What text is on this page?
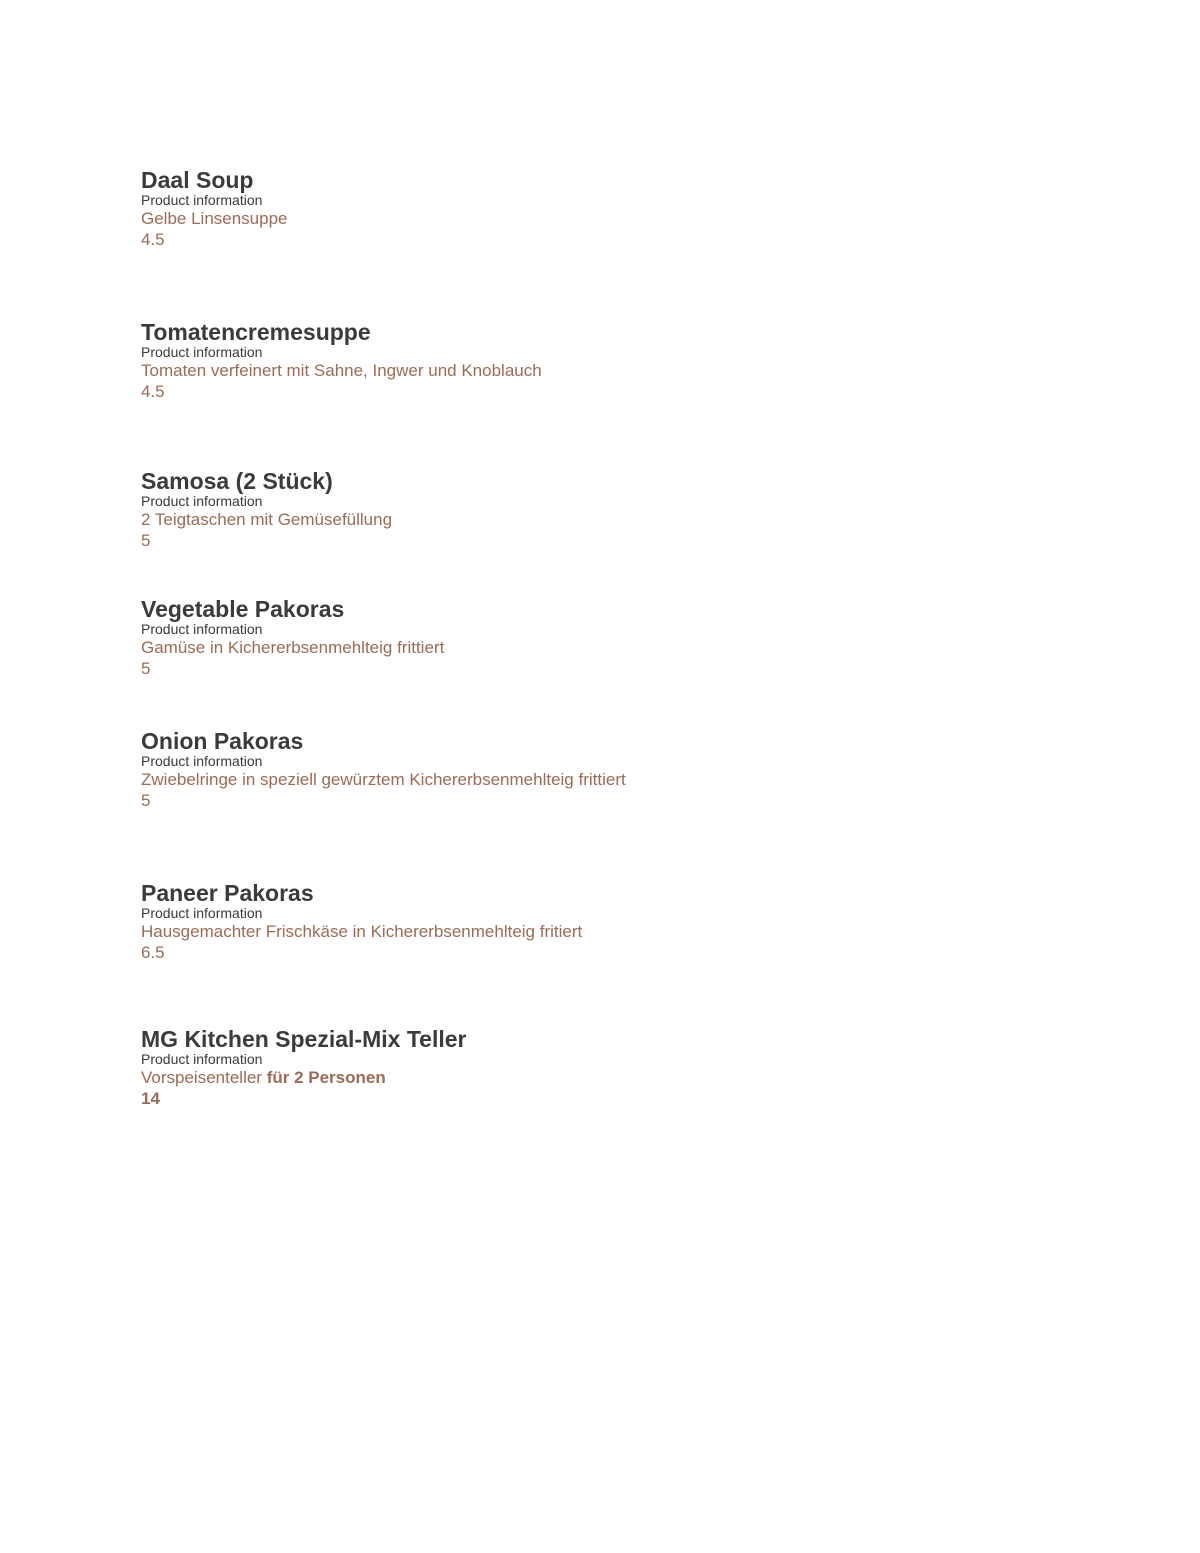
Daal Soup
Product information
Gelbe Linsensuppe
4.5
Tomatencremesuppe
Product information
Tomaten verfeinert mit Sahne, Ingwer und Knoblauch
4.5
Samosa (2 Stück)
Product information
2 Teigtaschen mit Gemüsefüllung
5
Vegetable Pakoras
Product information
Gamüse in Kichererbsenmehlteig frittiert
5
Onion Pakoras
Product information
Zwiebelringe in speziell gewürztem Kichererbsenmehlteig frittiert
5
Paneer Pakoras
Product information
Hausgemachter Frischkäse in Kichererbsenmehlteig fritiert
6.5
MG Kitchen Spezial-Mix Teller
Product information
Vorspeisenteller für 2 Personen
14
